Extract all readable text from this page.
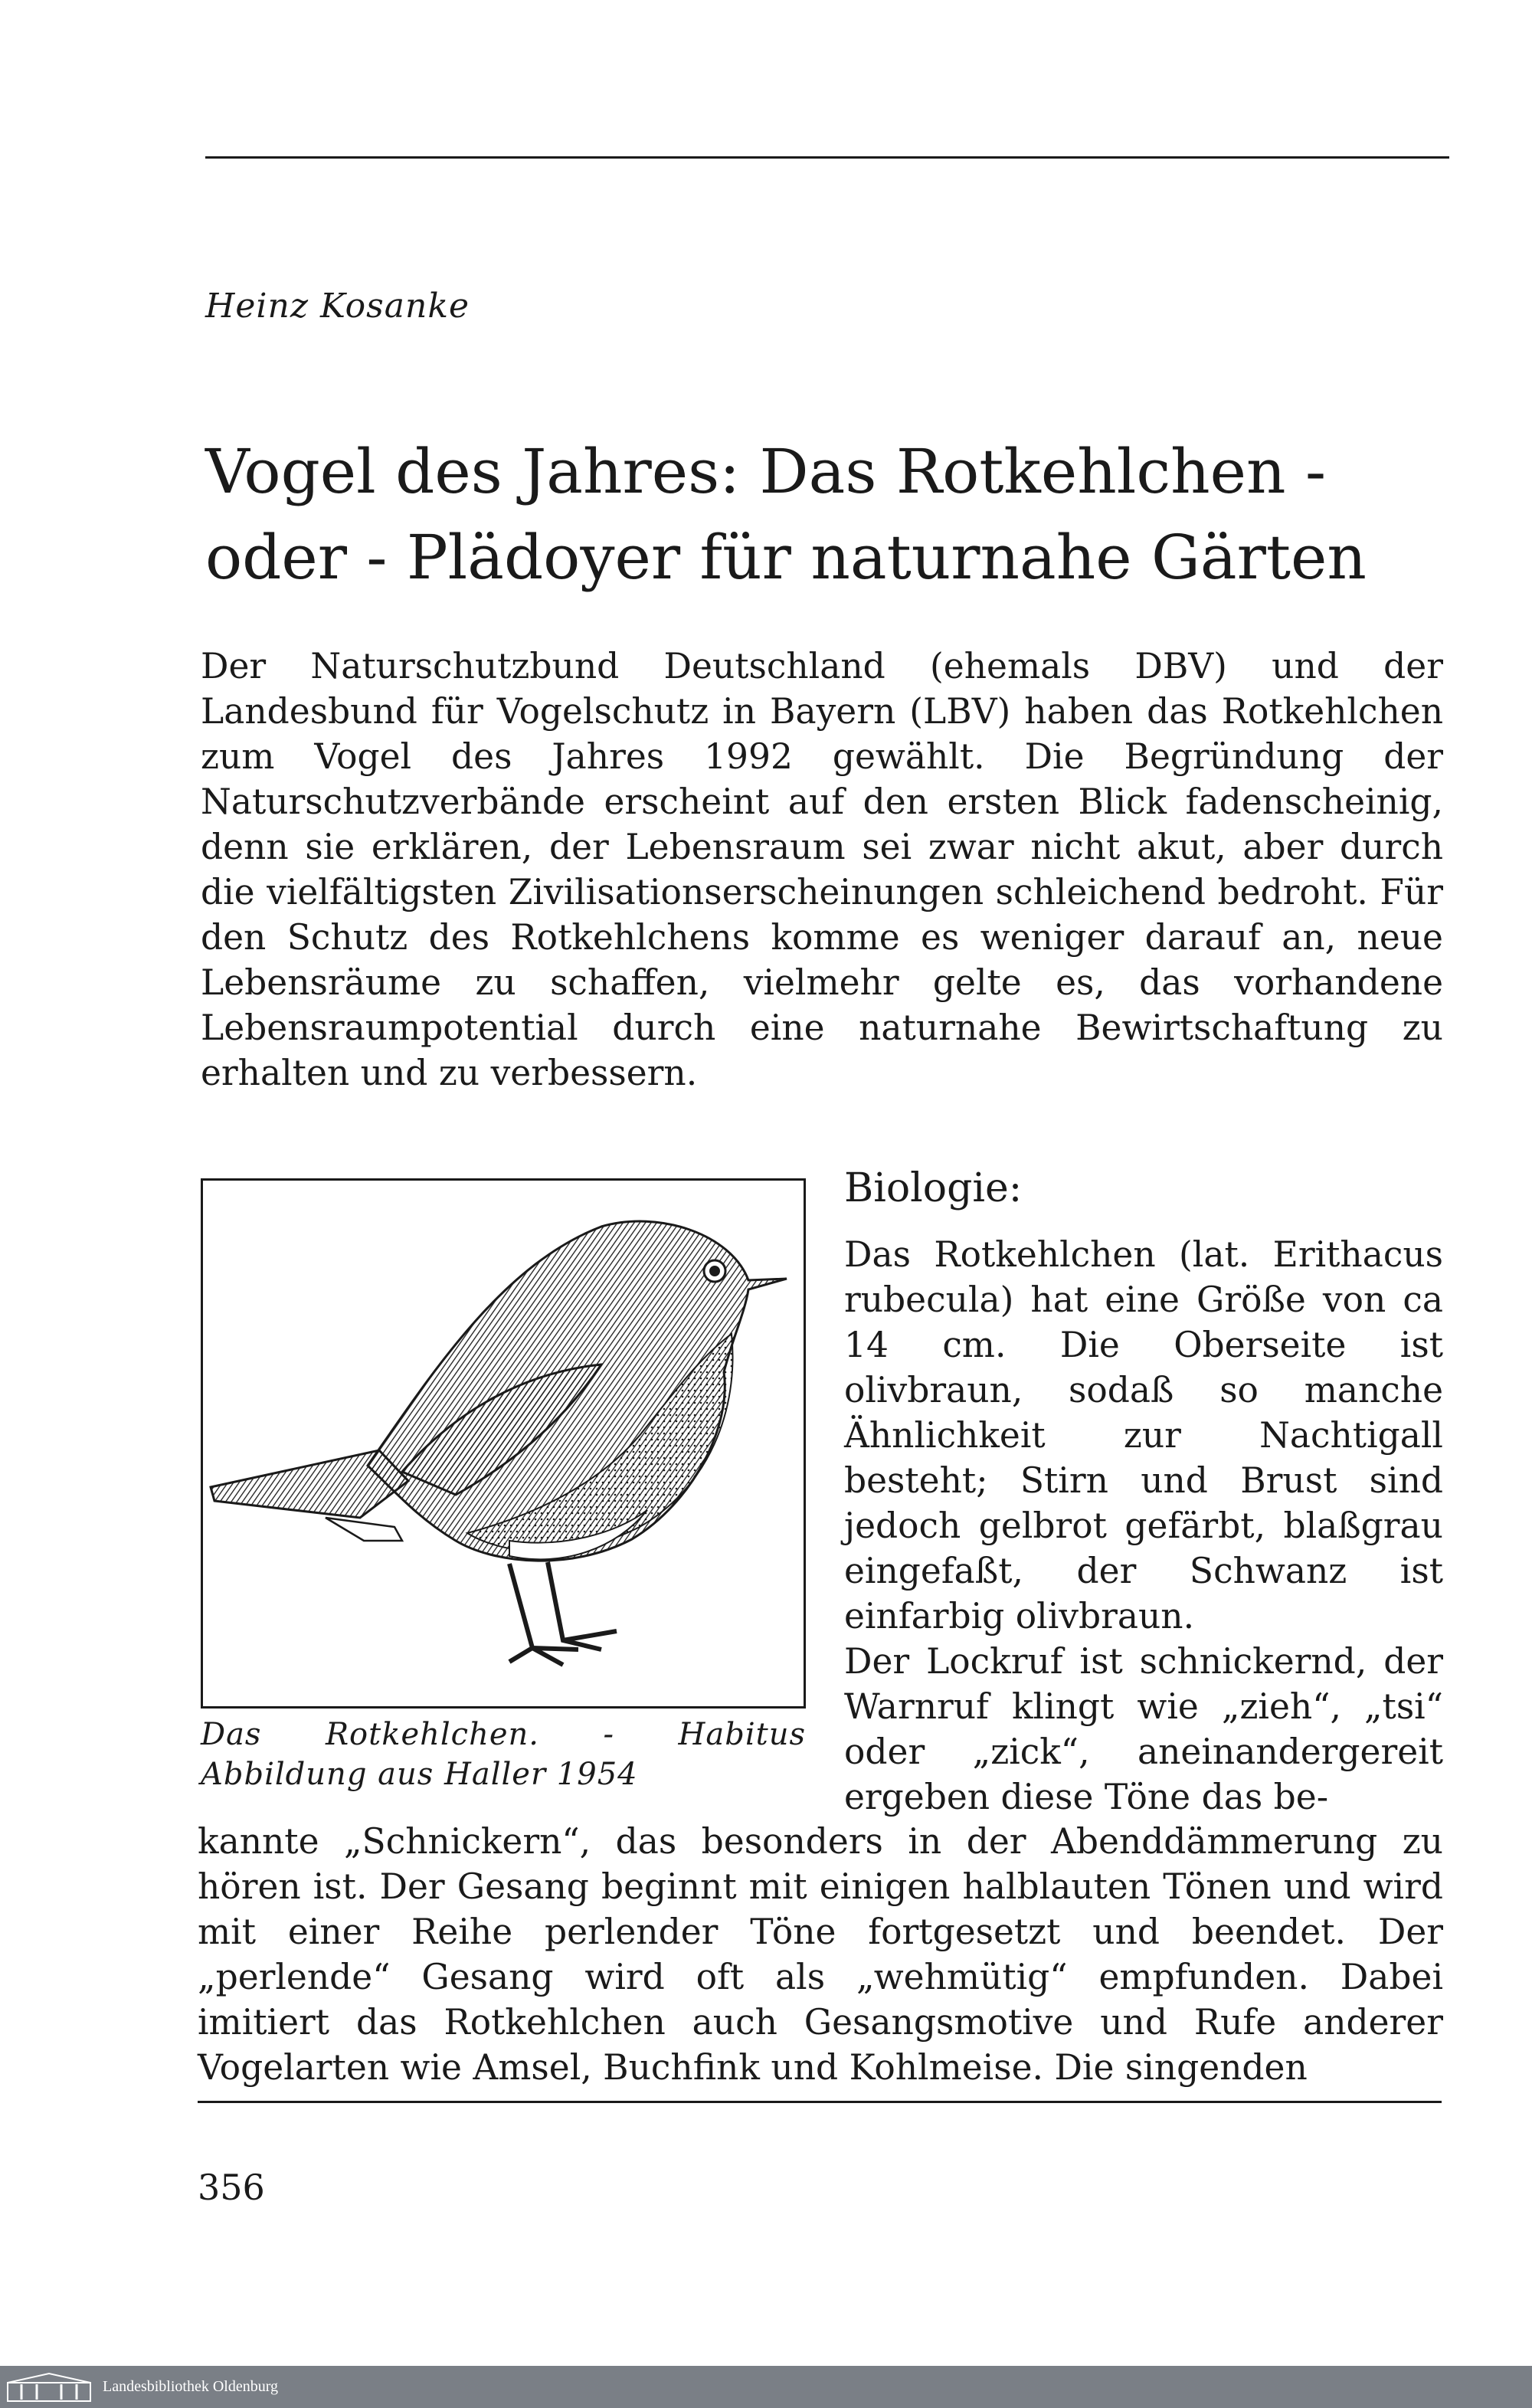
Heinz Kosanke
Vogel des Jahres: Das Rotkehlchen -
oder - Plädoyer für naturnahe Gärten

Der Naturschutzbund Deutschland (ehemals DBV) und der Landesbund für Vogelschutz in Bayern (LBV) haben das Rotkehlchen zum Vogel des Jahres 1992 gewählt. Die Begründung der Naturschutzverbände erscheint auf den ersten Blick fadenscheinig, denn sie erklären, der Lebensraum sei zwar nicht akut, aber durch die vielfältigsten Zivilisationserscheinungen schleichend bedroht. Für den Schutz des Rotkehlchens komme es weniger darauf an, neue Lebensräume zu schaffen, vielmehr gelte es, das vorhandene Lebensraumpotential durch eine naturnahe Bewirtschaftung zu erhalten und zu verbessern.

Das Rotkehlchen. - Habitus Abbildung aus Haller 1954
Biologie:

Das Rotkehlchen (lat. Erithacus rubecula) hat eine Größe von ca 14 cm. Die Oberseite ist olivbraun, sodaß so manche Ähnlichkeit zur Nachtigall besteht; Stirn und Brust sind jedoch gelbrot gefärbt, blaßgrau eingefaßt, der Schwanz ist einfarbig olivbraun.

Der Lockruf ist schnickernd, der Warnruf klingt wie „zieh“, „tsi“ oder „zick“, aneinandergereit ergeben diese Töne das be-

kannte „Schnickern“, das besonders in der Abenddämmerung zu hören ist. Der Gesang beginnt mit einigen halblauten Tönen und wird mit einer Reihe perlender Töne fortgesetzt und beendet. Der „perlende“ Gesang wird oft als „wehmütig“ empfunden. Dabei imitiert das Rotkehlchen auch Gesangsmotive und Rufe anderer Vogelarten wie Amsel, Buchfink und Kohlmeise. Die singenden

356
Landesbibliothek Oldenburg
